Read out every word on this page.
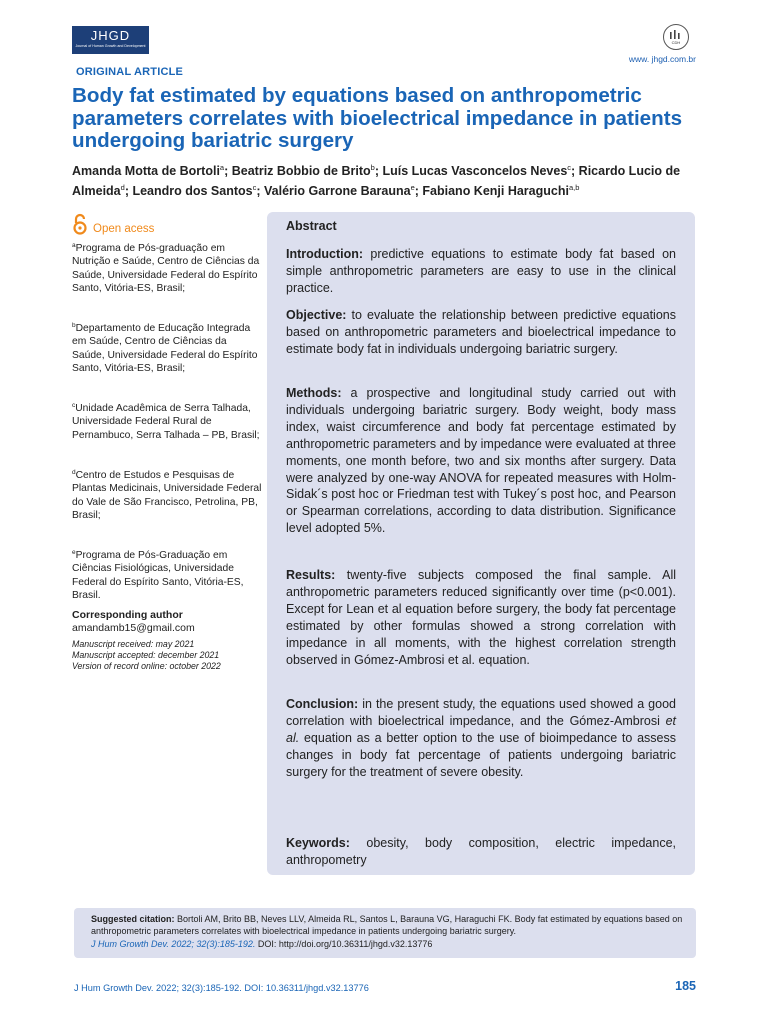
JHGD
Journal of Human Growth and Development
CDH
www. jhgd.com.br
ORIGINAL ARTICLE
Body fat estimated by equations based on anthropometric parameters correlates with bioelectrical impedance in patients undergoing bariatric surgery
Amanda Motta de Bortoli$^a$; Beatriz Bobbio de Brito$^b$; Luís Lucas Vasconcelos Neves$^c$; Ricardo Lucio de Almeida$^d$; Leandro dos Santos$^c$; Valério Garrone Barauna$^e$; Fabiano Kenji Haraguchi$^{a,b}$
Open acess
$^a$Programa de Pós-graduação em Nutrição e Saúde, Centro de Ciências da Saúde, Universidade Federal do Espírito Santo, Vitória-ES, Brasil;
$^b$Departamento de Educação Integrada em Saúde, Centro de Ciências da Saúde, Universidade Federal do Espírito Santo, Vitória-ES, Brasil;
$^c$Unidade Acadêmica de Serra Talhada, Universidade Federal Rural de Pernambuco, Serra Talhada – PB, Brasil;
$^d$Centro de Estudos e Pesquisas de Plantas Medicinais, Universidade Federal do Vale de São Francisco, Petrolina, PB, Brasil;
$^e$Programa de Pós-Graduação em Ciências Fisiológicas, Universidade Federal do Espírito Santo, Vitória-ES, Brasil.
Corresponding author
amandamb15@gmail.com
Manuscript received: may 2021
Manuscript accepted: december 2021
Version of record online: october 2022
Abstract

Introduction: predictive equations to estimate body fat based on simple anthropometric parameters are easy to use in the clinical practice.

Objective: to evaluate the relationship between predictive equations based on anthropometric parameters and bioelectrical impedance to estimate body fat in individuals undergoing bariatric surgery.

Methods: a prospective and longitudinal study carried out with individuals undergoing bariatric surgery. Body weight, body mass index, waist circumference and body fat percentage estimated by anthropometric parameters and by impedance were evaluated at three moments, one month before, two and six months after surgery. Data were analyzed by one-way ANOVA for repeated measures with Holm-Sidak´s post hoc or Friedman test with Tukey´s post hoc, and Pearson or Spearman correlations, according to data distribution. Significance level adopted 5%.

Results: twenty-five subjects composed the final sample. All anthropometric parameters reduced significantly over time (p<0.001). Except for Lean et al equation before surgery, the body fat percentage estimated by other formulas showed a strong correlation with impedance in all moments, with the highest correlation strength observed in Gómez-Ambrosi et al. equation.

Conclusion: in the present study, the equations used showed a good correlation with bioelectrical impedance, and the Gómez-Ambrosi et al. equation as a better option to the use of bioimpedance to assess changes in body fat percentage of patients undergoing bariatric surgery for the treatment of severe obesity.

Keywords: obesity, body composition, electric impedance, anthropometry

Suggested citation: Bortoli AM, Brito BB, Neves LLV, Almeida RL, Santos L, Barauna VG, Haraguchi FK. Body fat estimated by equations based on anthropometric parameters correlates with bioelectrical impedance in patients undergoing bariatric surgery.
J Hum Growth Dev. 2022; 32(3):185-192. DOI: http://doi.org/10.36311/jhgd.v32.13776

J Hum Growth Dev. 2022; 32(3):185-192. DOI: 10.36311/jhgd.v32.13776	185
